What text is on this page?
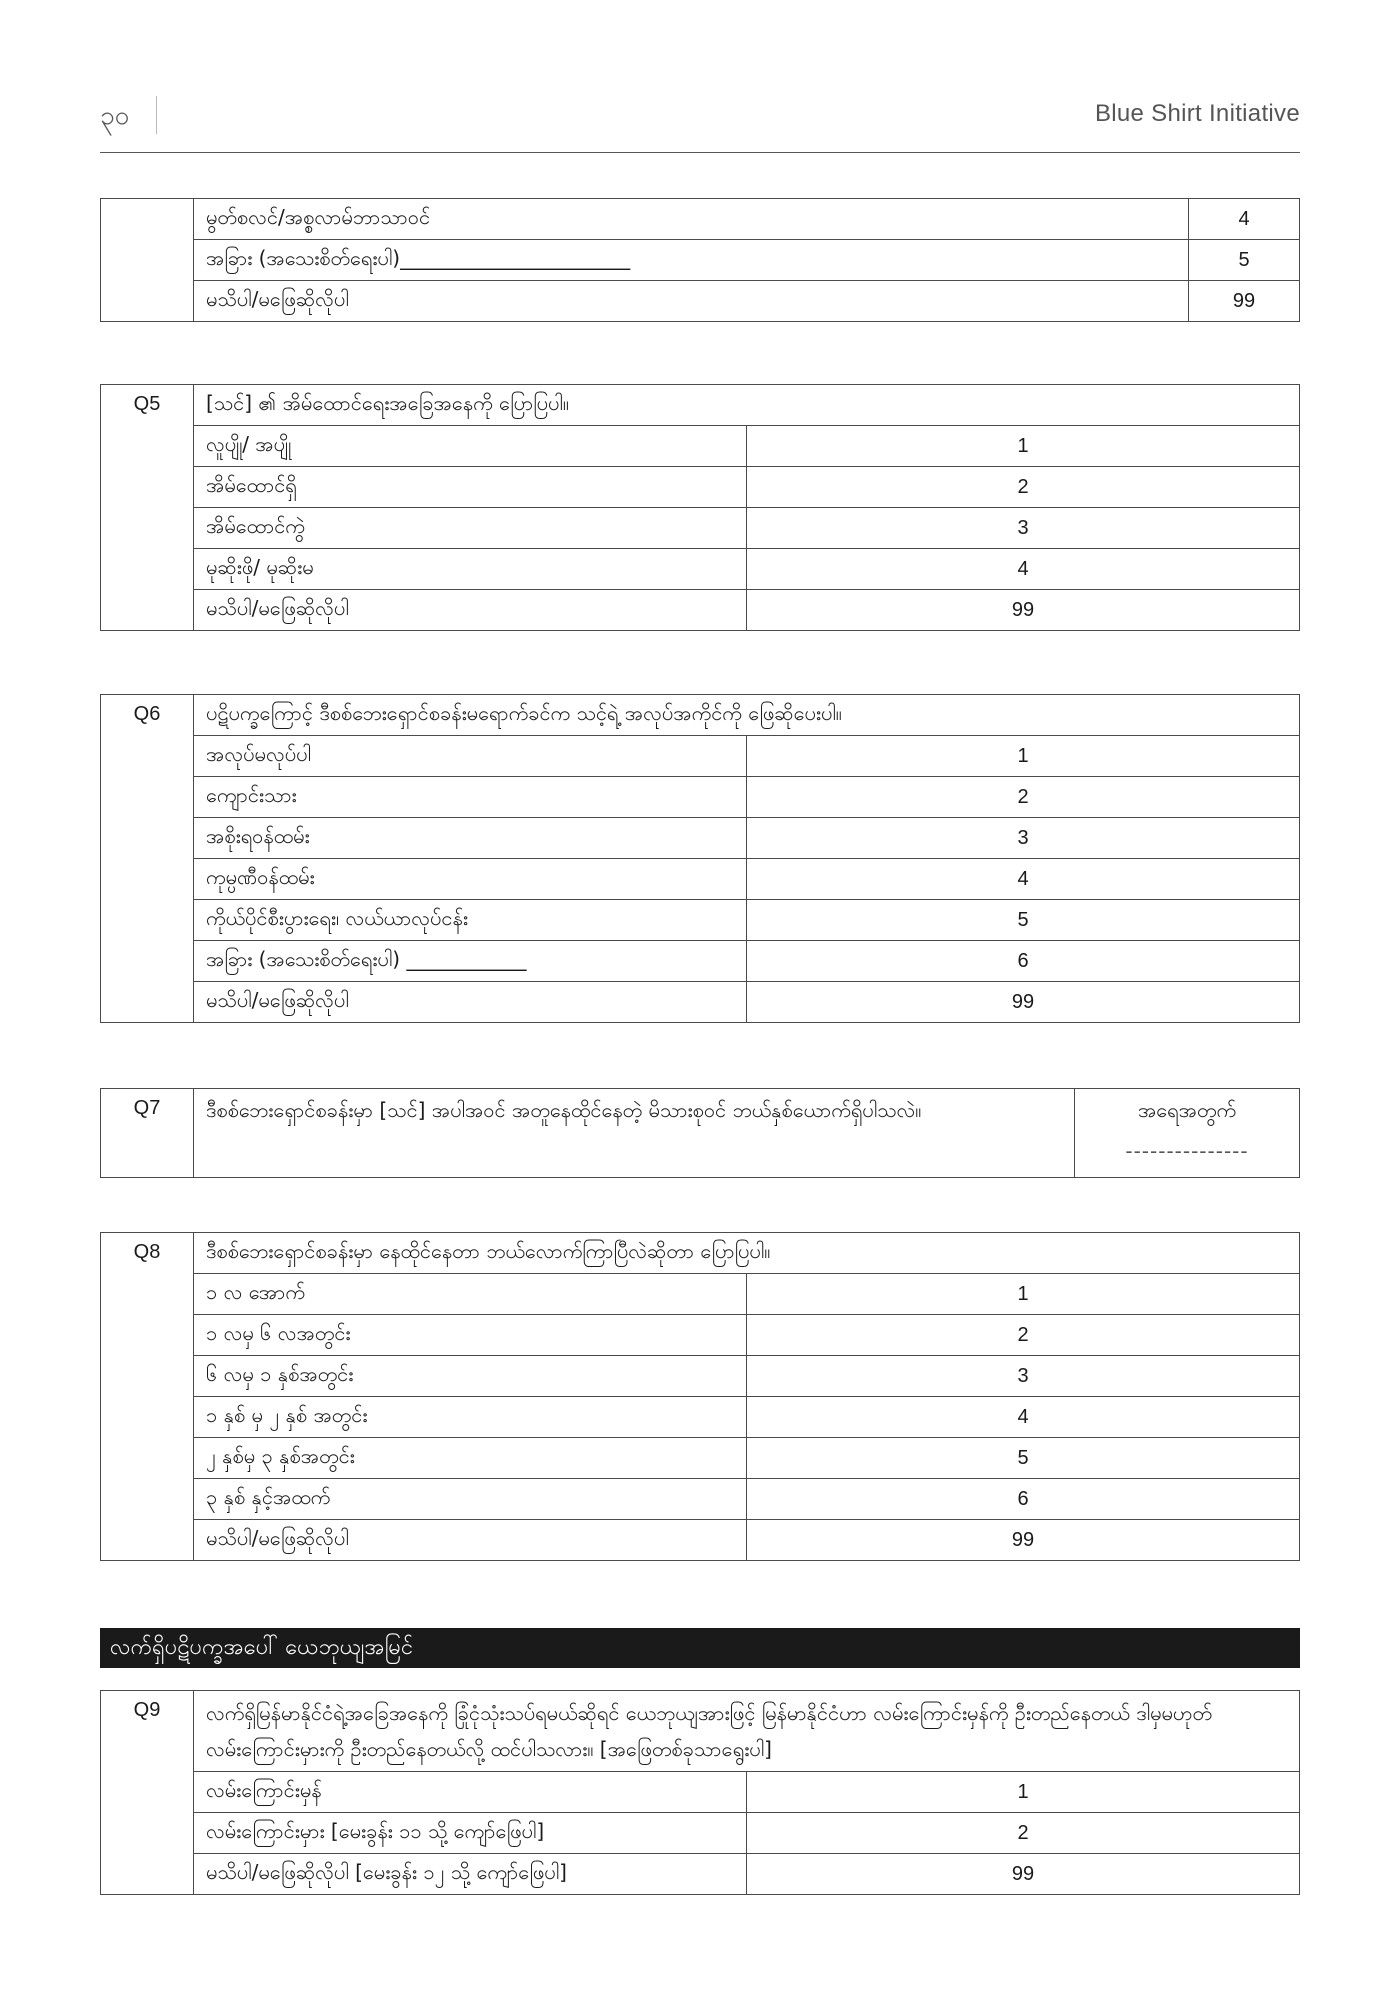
၃၀	Blue Shirt Initiative
	မွတ်စလင်/အစ္စလာမ်ဘာသာဝင်	4
	အခြား (အသေးစိတ်ရေးပါ)_______________________	5
	မသိပါ/မဖြေဆိုလိုပါ	99
Q5	[သင်] ၏ အိမ်ထောင်ရေးအခြေအနေကို ပြောပြပါ။	
	လူပျို/ အပျို	1
	အိမ်ထောင်ရှိ	2
	အိမ်ထောင်ကွဲ	3
	မုဆိုးဖို/ မုဆိုးမ	4
	မသိပါ/မဖြေဆိုလိုပါ	99
Q6	ပဋိပက္ခကြောင့် ဒီစစ်ဘေးရှောင်စခန်းမရောက်ခင်က သင့်ရဲ့ အလုပ်အကိုင်ကို ဖြေဆိုပေးပါ။	
	အလုပ်မလုပ်ပါ	1
	ကျောင်းသား	2
	အစိုးရဝန်ထမ်း	3
	ကုမ္ပဏီဝန်ထမ်း	4
	ကိုယ်ပိုင်စီးပွားရေး၊ လယ်ယာလုပ်ငန်း	5
	အခြား (အသေးစိတ်ရေးပါ) ____________	6
	မသိပါ/မဖြေဆိုလိုပါ	99
Q7	ဒီစစ်ဘေးရှောင်စခန်းမှာ [သင်] အပါအဝင် အတူနေထိုင်နေတဲ့ မိသားစုဝင် ဘယ်နှစ်ယောက်ရှိပါသလဲ။	အရေအတွက်
---------------
Q8	ဒီစစ်ဘေးရှောင်စခန်းမှာ နေထိုင်နေတာ ဘယ်လောက်ကြာပြီလဲဆိုတာ ပြောပြပါ။	
	၁ လ အောက်	1
	၁ လမှ ၆ လအတွင်း	2
	၆ လမှ ၁ နှစ်အတွင်း	3
	၁ နှစ် မှ ၂ နှစ် အတွင်း	4
	၂ နှစ်မှ ၃ နှစ်အတွင်း	5
	၃ နှစ် နှင့်အထက်	6
	မသိပါ/မဖြေဆိုလိုပါ	99
လက်ရှိပဋိပက္ခအပေါ် ယေဘုယျအမြင်
Q9	လက်ရှိမြန်မာနိုင်ငံရဲ့အခြေအနေကို ခြုံငုံသုံးသပ်ရမယ်ဆိုရင် ယေဘုယျအားဖြင့် မြန်မာနိုင်ငံဟာ လမ်းကြောင်းမှန်ကို ဦးတည်နေတယ် ဒါမှမဟုတ် လမ်းကြောင်းမှားကို ဦးတည်နေတယ်လို့ ထင်ပါသလား။ [အဖြေတစ်ခုသာရွေးပါ]	
	လမ်းကြောင်းမှန်	1
	လမ်းကြောင်းမှား [မေးခွန်း ၁၁ သို့ ကျော်ဖြေပါ]	2
	မသိပါ/မဖြေဆိုလိုပါ [မေးခွန်း ၁၂ သို့ ကျော်ဖြေပါ]	99
